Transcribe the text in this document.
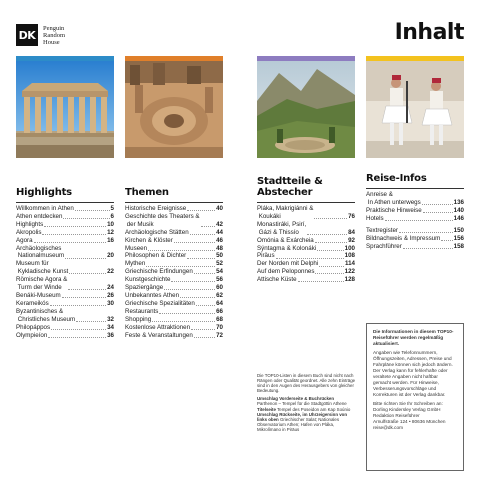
DK	Penguin
Random
House	Inhalt
Highlights
Willkommen in Athen	5
Athen entdecken	6
Highlights	10
Akropolis	12
Agora	16
Archäologisches
Nationalmuseum	20
Museum für
Kykladische Kunst	22
Römische Agora &
Turm der Winde	24
Benáki-Museum	26
Kerameikós	30
Byzantinisches &
Christliches Museum	32
Philopáppos	34
Olympieíon	36
Themen
Historische Ereignisse	40
Geschichte des Theaters &
der Musik	42
Archäologische Stätten	44
Kirchen & Klöster	46
Museen	48
Philosophen & Dichter	50
Mythen	52
Griechische Erfindungen	54
Kunstgeschichte	56
Spaziergänge	60
Unbekanntes Athen	62
Griechische Spezialitäten	64
Restaurants	66
Shopping	68
Kostenlose Attraktionen	70
Feste & Veranstaltungen	72
Stadtteile & Abstecher
Pláka, Makrigiánni &
Koukáki	76
Monastiráki, Psirí,
Gázi & Thissío	84
Omónia & Exárcheia	92
Sýntagma & Kolonáki	100
Piräus	108
Der Norden mit Delphi	114
Auf dem Peloponnes	122
Attische Küste	128
Reise-Infos
Anreise &
In Athen unterwegs	136
Praktische Hinweise	140
Hotels	146
Textregister	150
Bildnachweis & Impressum 156
Sprachführer	158
Die TOP10-Listen in diesem Buch sind nicht nach Rängen oder Qualität geordnet. Alle zehn Einträge sind in den Augen des Herausgebers von gleicher Bedeutung.
Umschlag Vorderseite & Buchrücken
Parthenon – Tempel für die Stadtgöttin Athene
Titelseite Tempel des Poseidon am Kap Soúnio
Umschlag Rückseite, im Uhrzeigersinn von links oben Griechischer Salat; Nationales Observatorium Athen; Hafen von Pláka, Mikrolímano in Piräus

Die Informationen in diesem TOP10-Reiseführer werden regelmäßig aktualisiert.

Angaben wie Telefonnummern, Öffnungszeiten, Adressen, Preise und Fahrpläne können sich jedoch ändern. Der Verlag kann für fehlerhafte oder veraltete Angaben nicht haftbar gemacht werden. Für Hinweise, Verbesserungsvorschläge und Korrekturen ist der Verlag dankbar.

Bitte richten Sie Ihr Schreiben an:
Dorling Kindersley Verlag GmbH
Redaktion Reiseführer
Arnulfstraße 124 • 80636 München
reise@dk.com
